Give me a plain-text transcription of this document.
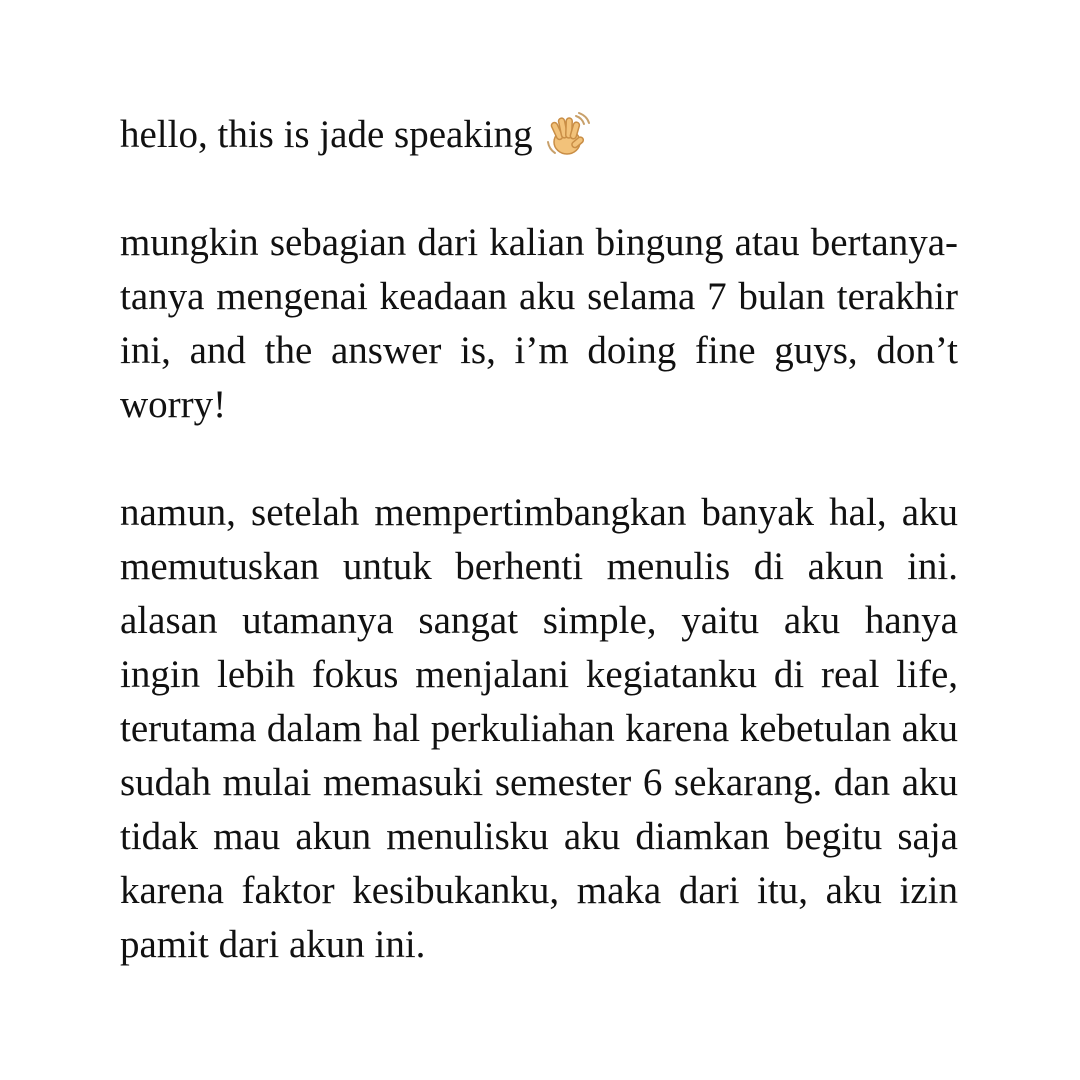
hello, this is jade speaking

mungkin sebagian dari kalian bingung atau bertanya-tanya mengenai keadaan aku selama 7 bulan terakhir ini, and the answer is, i’m doing fine guys, don’t worry!

namun, setelah mempertimbangkan banyak hal, aku memutuskan untuk berhenti menulis di akun ini. alasan utamanya sangat simple, yaitu aku hanya ingin lebih fokus menjalani kegiatanku di real life, terutama dalam hal perkuliahan karena kebetulan aku sudah mulai memasuki semester 6 sekarang. dan aku tidak mau akun menulisku aku diamkan begitu saja karena faktor kesibukanku, maka dari itu, aku izin pamit dari akun ini.
